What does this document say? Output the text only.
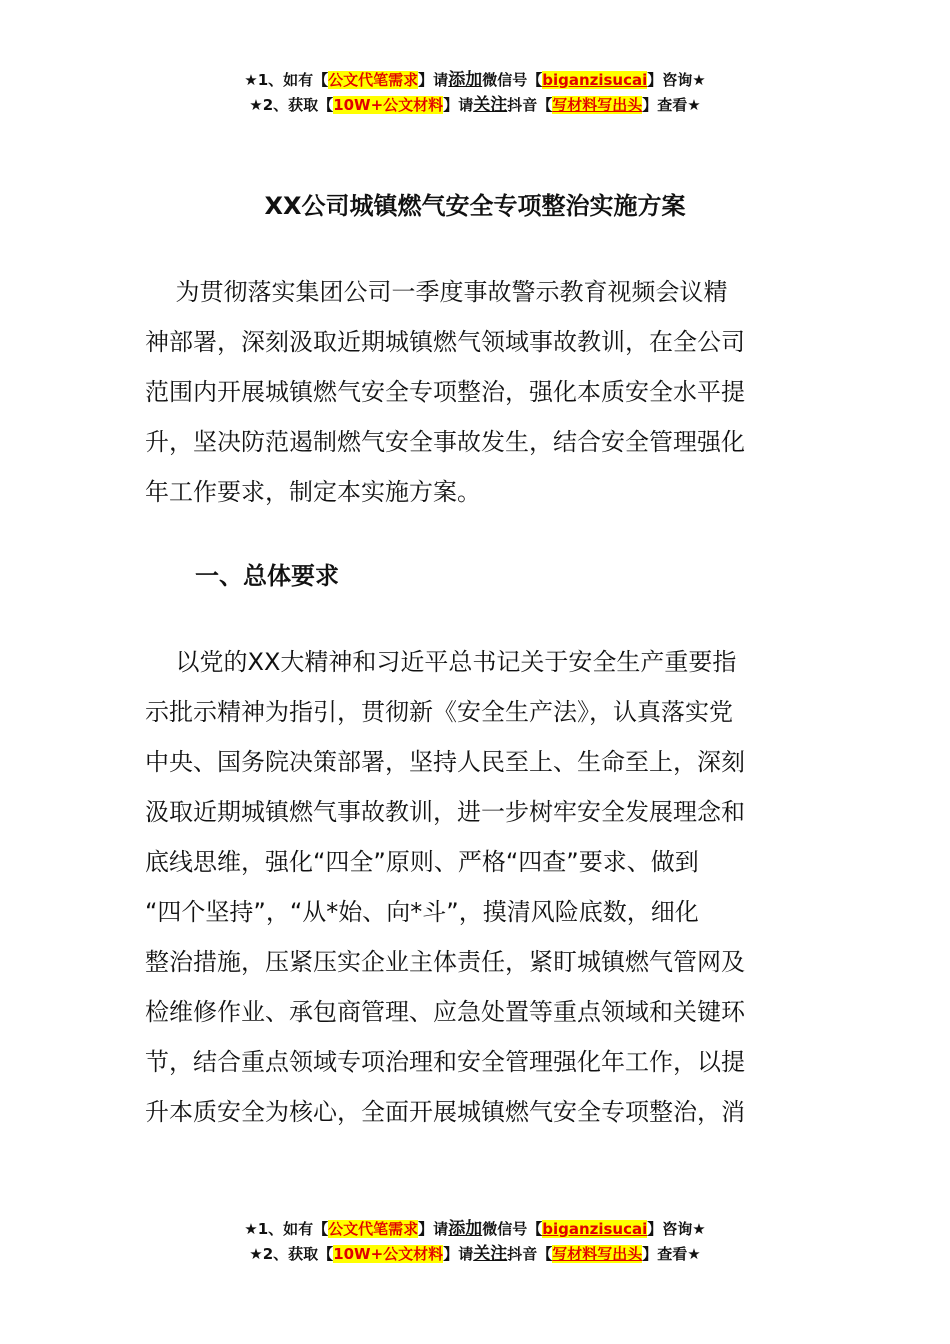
★1、如有【公文代笔需求】请添加微信号【biganzisucai】咨询★
★2、获取【10W+公文材料】请关注抖音【写材料写出头】查看★
XX公司城镇燃气安全专项整治实施方案
为贯彻落实集团公司一季度事故警示教育视频会议精
神部署，深刻汲取近期城镇燃气领域事故教训，在全公司
范围内开展城镇燃气安全专项整治，强化本质安全水平提
升，坚决防范遏制燃气安全事故发生，结合安全管理强化
年工作要求，制定本实施方案。
一、总体要求
以党的XX大精神和习近平总书记关于安全生产重要指
示批示精神为指引，贯彻新《安全生产法》，认真落实党
中央、国务院决策部署，坚持人民至上、生命至上，深刻
汲取近期城镇燃气事故教训，进一步树牢安全发展理念和
底线思维，强化“四全”原则、严格“四查”要求、做到
“四个坚持”，“从*始、向*斗”，摸清风险底数，细化
整治措施，压紧压实企业主体责任，紧盯城镇燃气管网及
检维修作业、承包商管理、应急处置等重点领域和关键环
节，结合重点领域专项治理和安全管理强化年工作，以提
升本质安全为核心，全面开展城镇燃气安全专项整治，消
★1、如有【公文代笔需求】请添加微信号【biganzisucai】咨询★
★2、获取【10W+公文材料】请关注抖音【写材料写出头】查看★
